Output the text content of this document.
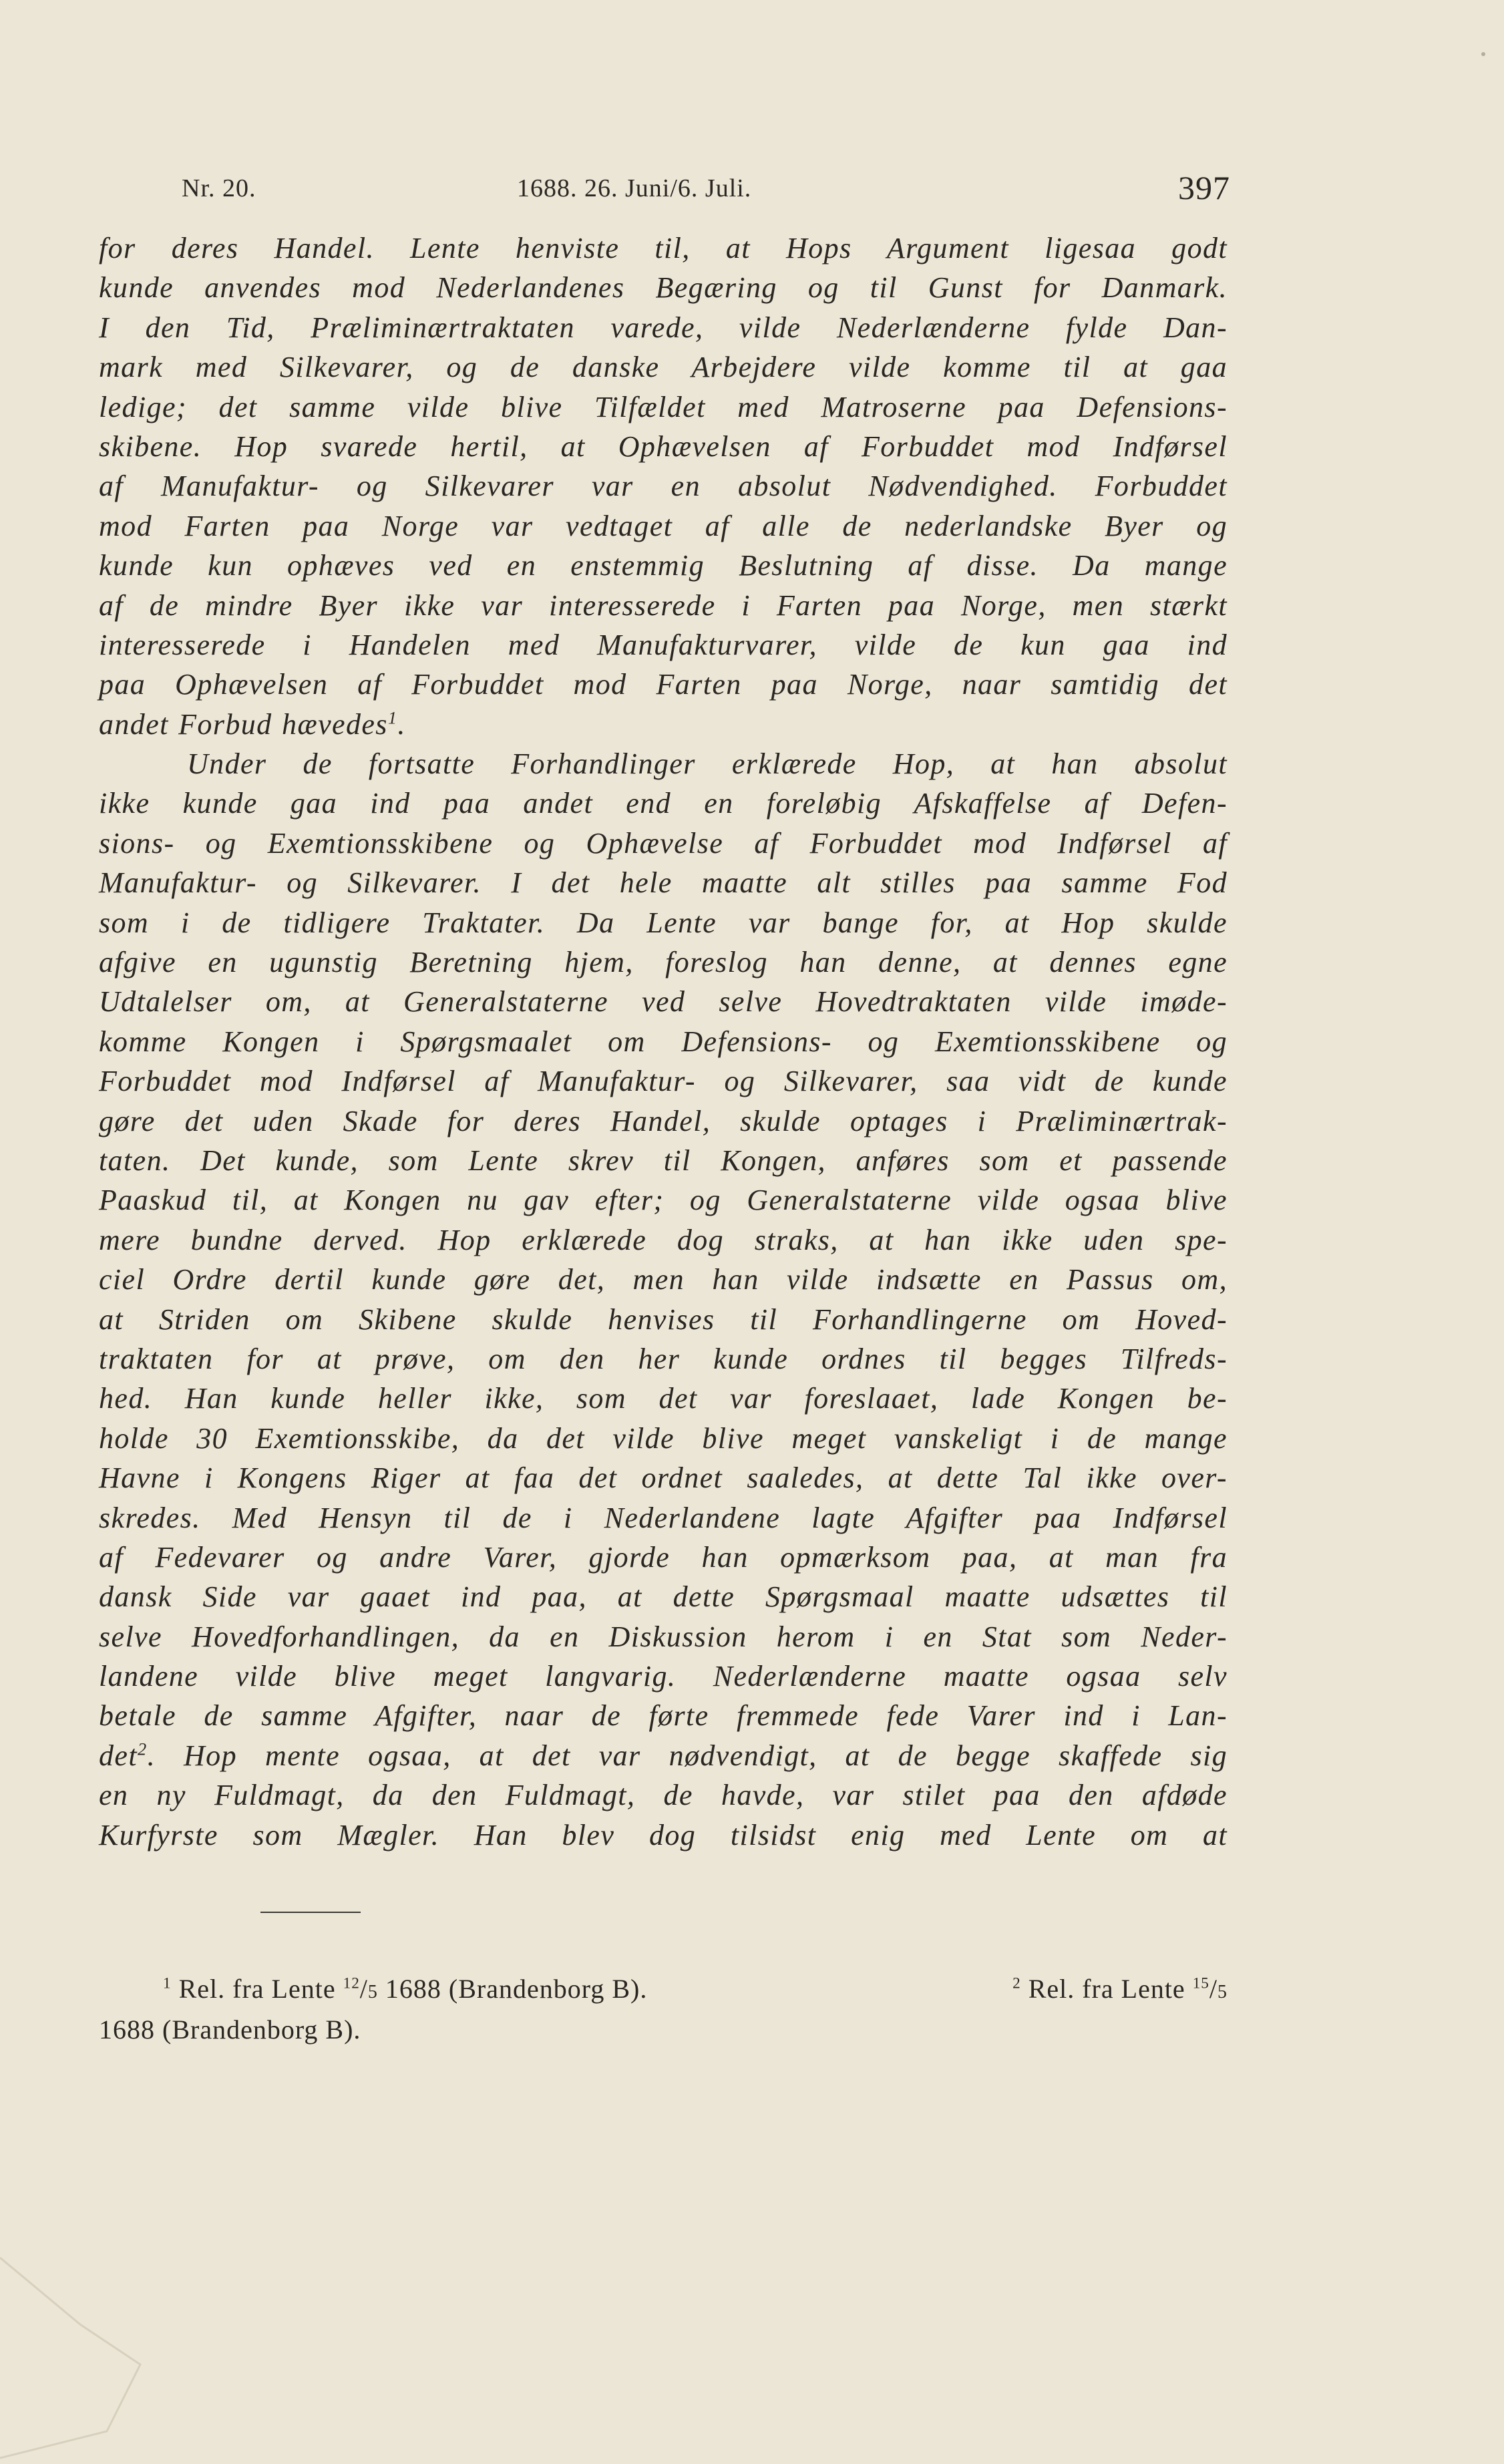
Nr. 20.	1688. 26. Juni/6. Juli.	397
for deres Handel. Lente henviste til, at Hops Argument ligesaa godt
kunde anvendes mod Nederlandenes Begæring og til Gunst for Danmark.
I den Tid, Præliminærtraktaten varede, vilde Nederlænderne fylde Dan-
mark med Silkevarer, og de danske Arbejdere vilde komme til at gaa
ledige; det samme vilde blive Tilfældet med Matroserne paa Defensions-
skibene. Hop svarede hertil, at Ophævelsen af Forbuddet mod Indførsel
af Manufaktur- og Silkevarer var en absolut Nødvendighed. Forbuddet
mod Farten paa Norge var vedtaget af alle de nederlandske Byer og
kunde kun ophæves ved en enstemmig Beslutning af disse. Da mange
af de mindre Byer ikke var interesserede i Farten paa Norge, men stærkt
interesserede i Handelen med Manufakturvarer, vilde de kun gaa ind
paa Ophævelsen af Forbuddet mod Farten paa Norge, naar samtidig det
andet Forbud hævedes$^1$.
Under de fortsatte Forhandlinger erklærede Hop, at han absolut
ikke kunde gaa ind paa andet end en foreløbig Afskaffelse af Defen-
sions- og Exemtionsskibene og Ophævelse af Forbuddet mod Indførsel af
Manufaktur- og Silkevarer. I det hele maatte alt stilles paa samme Fod
som i de tidligere Traktater. Da Lente var bange for, at Hop skulde
afgive en ugunstig Beretning hjem, foreslog han denne, at dennes egne
Udtalelser om, at Generalstaterne ved selve Hovedtraktaten vilde imøde-
komme Kongen i Spørgsmaalet om Defensions- og Exemtionsskibene og
Forbuddet mod Indførsel af Manufaktur- og Silkevarer, saa vidt de kunde
gøre det uden Skade for deres Handel, skulde optages i Præliminærtrak-
taten. Det kunde, som Lente skrev til Kongen, anføres som et passende
Paaskud til, at Kongen nu gav efter; og Generalstaterne vilde ogsaa blive
mere bundne derved. Hop erklærede dog straks, at han ikke uden spe-
ciel Ordre dertil kunde gøre det, men han vilde indsætte en Passus om,
at Striden om Skibene skulde henvises til Forhandlingerne om Hoved-
traktaten for at prøve, om den her kunde ordnes til begges Tilfreds-
hed. Han kunde heller ikke, som det var foreslaaet, lade Kongen be-
holde 30 Exemtionsskibe, da det vilde blive meget vanskeligt i de mange
Havne i Kongens Riger at faa det ordnet saaledes, at dette Tal ikke over-
skredes. Med Hensyn til de i Nederlandene lagte Afgifter paa Indførsel
af Fedevarer og andre Varer, gjorde han opmærksom paa, at man fra
dansk Side var gaaet ind paa, at dette Spørgsmaal maatte udsættes til
selve Hovedforhandlingen, da en Diskussion herom i en Stat som Neder-
landene vilde blive meget langvarig. Nederlænderne maatte ogsaa selv
betale de samme Afgifter, naar de førte fremmede fede Varer ind i Lan-
$\det^2$. Hop mente ogsaa, at det var nødvendigt, at de begge skaffede sig
en ny Fuldmagt, da den Fuldmagt, de havde, var stilet paa den afdøde
Kurfyrste som Mægler. Han blev dog tilsidst enig med Lente om at
$^1$ Rel. fra Lente $^{12}$/5 1688 (Brandenborg B).	$^2$ Rel. fra Lente $^{15}$/5
1688 (Brandenborg B).
